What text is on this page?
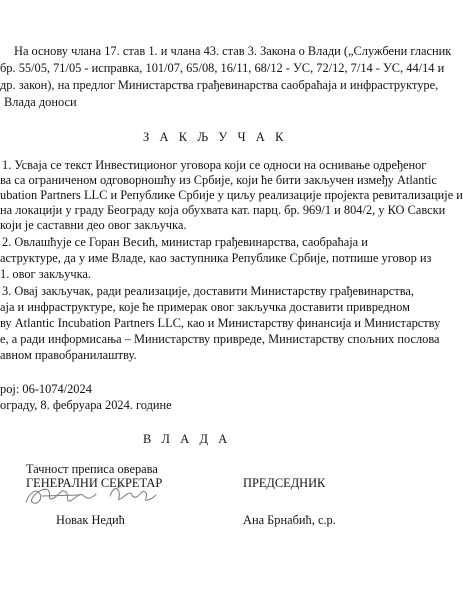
На основу члана 17. став 1. и члана 43. став 3. Закона о Влади („Службени гласник
бр. 55/05, 71/05 - исправка, 101/07, 65/08, 16/11, 68/12 - УС, 72/12, 7/14 - УС, 44/14 и
др. закон), на предлог Министарства грађевинарства саобраћаја и инфраструктуре,
Влада доноси
З А К Љ У Ч А К
1. Усваја се текст Инвестиционог уговора који се односи на оснивање одређеног
ва са ограниченом одговорношћу из Србије, који ће бити закључен између Atlantic
ubation Partners LLC и Републике Србије у циљу реализације пројекта ревитализације и
на локацији у граду Београду која обухвата кат. парц. бр. 969/1 и 804/2, у КО Савски
који је саставни део овог закључка.
2. Овлашћује се Горан Весић, министар грађевинарства, саобраћаја и
аструктуре, да у име Владе, као заступника Републике Србије, потпише уговор из
1. овог закључка.
3. Овај закључак, ради реализације, доставити Министарству грађевинарства,
аја и инфраструктуре, које ће примерак овог закључка доставити привредном
ву Atlantic Incubation Partners LLC, као и Министарству финансија и Министарству
е, а ради информисања – Министарству привреде, Министарству спољних послова
авном правобранилаштву.
рој: 06-1074/2024
ограду, 8. фебруара 2024. године
В Л А Д А
Тачност преписа оверава
ГЕНЕРАЛНИ СЕКРЕТАР
Новак Недић
ПРЕДСЕДНИК
Ана Брнабић, с.р.
